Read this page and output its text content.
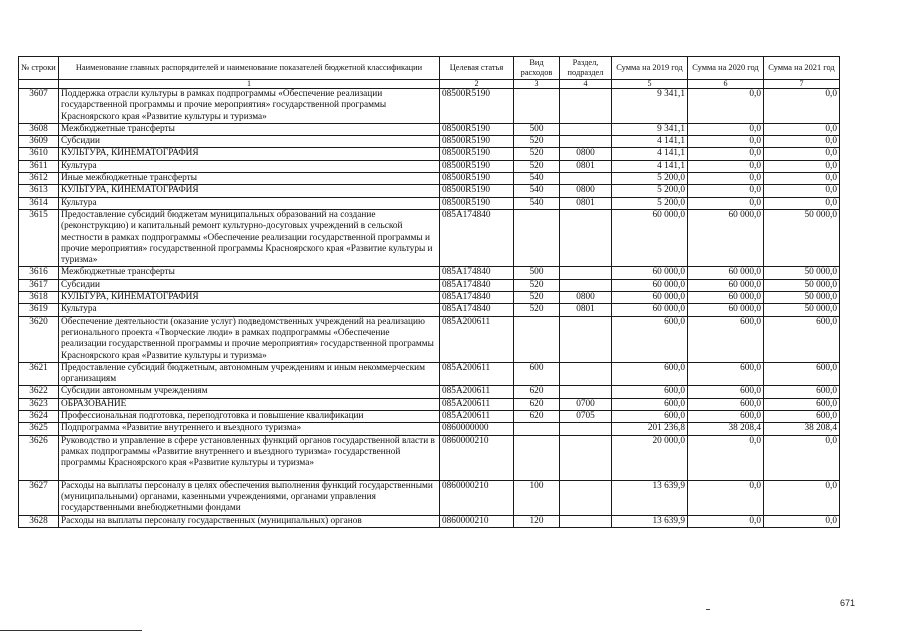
№ строки	Наименование главных распорядителей и наименование показателей бюджетной классификации	Целевая статья	Вид расходов	Раздел, подраздел	Сумма на 2019 год	Сумма на 2020 год	Сумма на 2021 год
	1	2	3	4	5	6	7
3607	Поддержка отрасли культуры в рамках подпрограммы «Обеспечение реализации государственной программы и прочие мероприятия» государственной программы Красноярского края «Развитие культуры и туризма»	08500R5190			9 341,1	0,0	0,0
3608	Межбюджетные трансферты	08500R5190	500		9 341,1	0,0	0,0
3609	Субсидии	08500R5190	520		4 141,1	0,0	0,0
3610	КУЛЬТУРА, КИНЕМАТОГРАФИЯ	08500R5190	520	0800	4 141,1	0,0	0,0
3611	Культура	08500R5190	520	0801	4 141,1	0,0	0,0
3612	Иные межбюджетные трансферты	08500R5190	540		5 200,0	0,0	0,0
3613	КУЛЬТУРА, КИНЕМАТОГРАФИЯ	08500R5190	540	0800	5 200,0	0,0	0,0
3614	Культура	08500R5190	540	0801	5 200,0	0,0	0,0
3615	Предоставление субсидий бюджетам муниципальных образований на создание (реконструкцию) и капитальный ремонт культурно-досуговых учреждений в сельской местности в рамках подпрограммы «Обеспечение реализации государственной программы и прочие мероприятия» государственной программы Красноярского края «Развитие культуры и туризма»	085A174840			60 000,0	60 000,0	50 000,0
3616	Межбюджетные трансферты	085A174840	500		60 000,0	60 000,0	50 000,0
3617	Субсидии	085A174840	520		60 000,0	60 000,0	50 000,0
3618	КУЛЬТУРА, КИНЕМАТОГРАФИЯ	085A174840	520	0800	60 000,0	60 000,0	50 000,0
3619	Культура	085A174840	520	0801	60 000,0	60 000,0	50 000,0
3620	Обеспечение деятельности (оказание услуг) подведомственных учреждений на реализацию регионального проекта «Творческие люди» в рамках подпрограммы «Обеспечение реализации государственной программы и прочие мероприятия» государственной программы Красноярского края «Развитие культуры и туризма»	085A200611			600,0	600,0	600,0
3621	Предоставление субсидий бюджетным, автономным учреждениям и иным некоммерческим организациям	085A200611	600		600,0	600,0	600,0
3622	Субсидии автономным учреждениям	085A200611	620		600,0	600,0	600,0
3623	ОБРАЗОВАНИЕ	085A200611	620	0700	600,0	600,0	600,0
3624	Профессиональная подготовка, переподготовка и повышение квалификации	085A200611	620	0705	600,0	600,0	600,0
3625	Подпрограмма «Развитие внутреннего и въездного туризма»	0860000000			201 236,8	38 208,4	38 208,4
3626	Руководство и управление в сфере установленных функций органов государственной власти в рамках подпрограммы «Развитие внутреннего и въездного туризма» государственной программы Красноярского края «Развитие культуры и туризма»	0860000210			20 000,0	0,0	0,0
3627	Расходы на выплаты персоналу в целях обеспечения выполнения функций государственными (муниципальными) органами, казенными учреждениями, органами управления государственными внебюджетными фондами	0860000210	100		13 639,9	0,0	0,0
3628	Расходы на выплаты персоналу государственных (муниципальных) органов	0860000210	120		13 639,9	0,0	0,0
671
